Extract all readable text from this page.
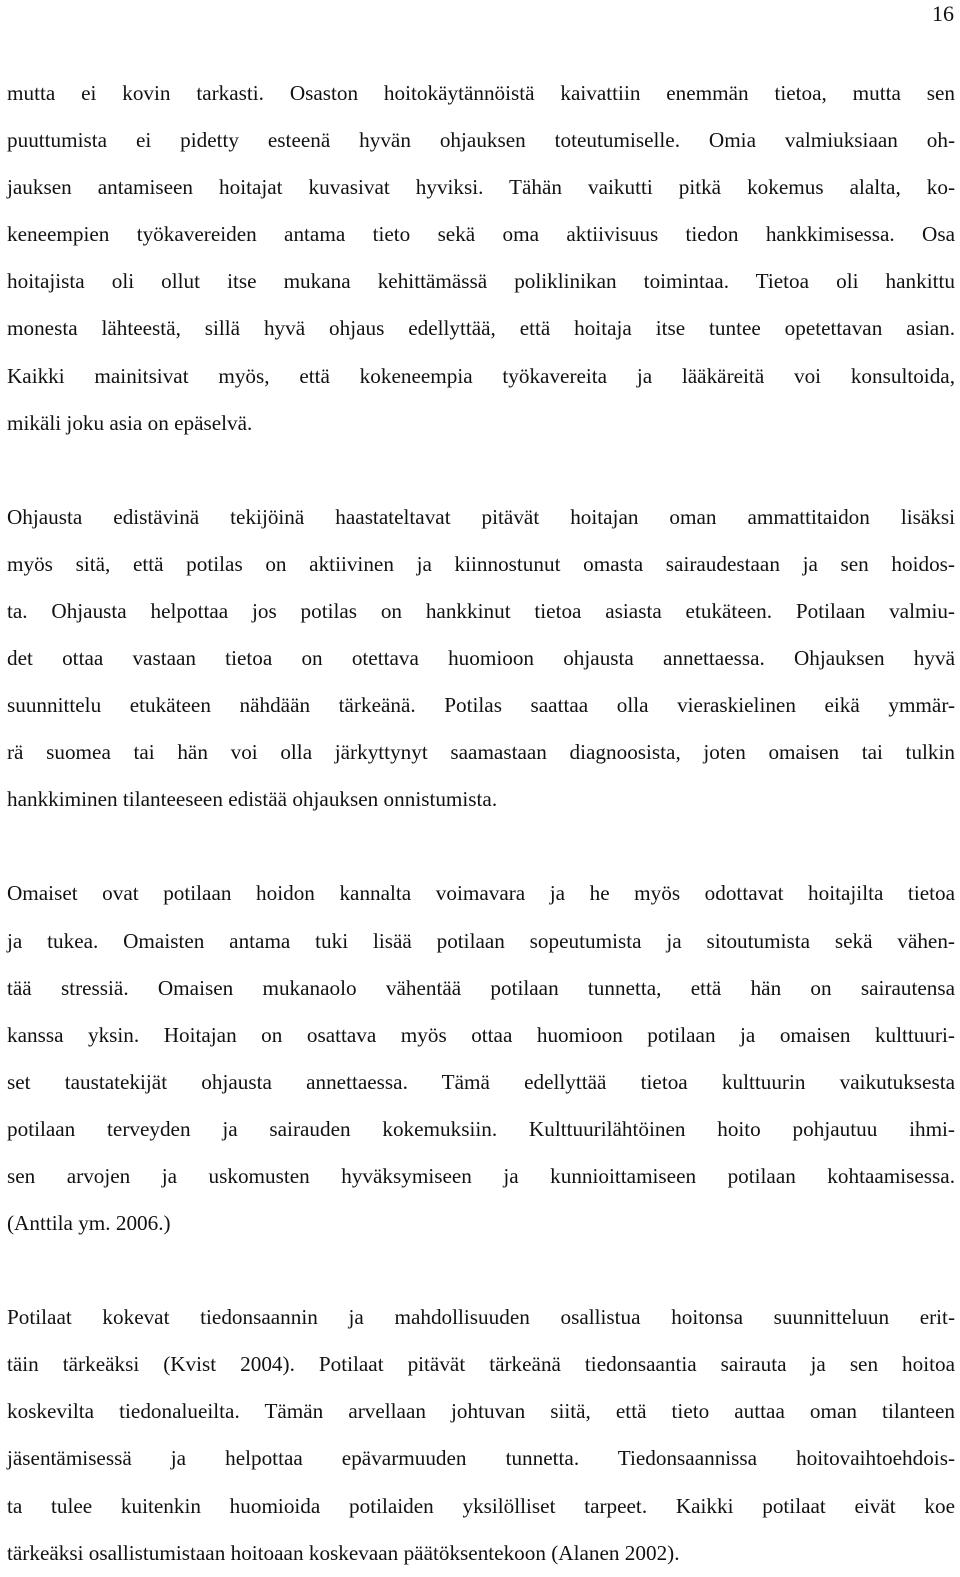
16
mutta ei kovin tarkasti. Osaston hoitokäytännöistä kaivattiin enemmän tietoa, mutta sen
puuttumista ei pidetty esteenä hyvän ohjauksen toteutumiselle. Omia valmiuksiaan oh-
jauksen antamiseen hoitajat kuvasivat hyviksi. Tähän vaikutti pitkä kokemus alalta, ko-
keneempien työkavereiden antama tieto sekä oma aktiivisuus tiedon hankkimisessa. Osa
hoitajista oli ollut itse mukana kehittämässä poliklinikan toimintaa. Tietoa oli hankittu
monesta lähteestä, sillä hyvä ohjaus edellyttää, että hoitaja itse tuntee opetettavan asian.
Kaikki mainitsivat myös, että kokeneempia työkavereita ja lääkäreitä voi konsultoida,
mikäli joku asia on epäselvä.
Ohjausta edistävinä tekijöinä haastateltavat pitävät hoitajan oman ammattitaidon lisäksi
myös sitä, että potilas on aktiivinen ja kiinnostunut omasta sairaudestaan ja sen hoidos-
ta. Ohjausta helpottaa jos potilas on hankkinut tietoa asiasta etukäteen. Potilaan valmiu-
det ottaa vastaan tietoa on otettava huomioon ohjausta annettaessa. Ohjauksen hyvä
suunnittelu etukäteen nähdään tärkeänä. Potilas saattaa olla vieraskielinen eikä ymmär-
rä suomea tai hän voi olla järkyttynyt saamastaan diagnoosista, joten omaisen tai tulkin
hankkiminen tilanteeseen edistää ohjauksen onnistumista.
Omaiset ovat potilaan hoidon kannalta voimavara ja he myös odottavat hoitajilta tietoa
ja tukea. Omaisten antama tuki lisää potilaan sopeutumista ja sitoutumista sekä vähen-
tää stressiä. Omaisen mukanaolo vähentää potilaan tunnetta, että hän on sairautensa
kanssa yksin. Hoitajan on osattava myös ottaa huomioon potilaan ja omaisen kulttuuri-
set taustatekijät ohjausta annettaessa. Tämä edellyttää tietoa kulttuurin vaikutuksesta
potilaan terveyden ja sairauden kokemuksiin. Kulttuurilähtöinen hoito pohjautuu ihmi-
sen arvojen ja uskomusten hyväksymiseen ja kunnioittamiseen potilaan kohtaamisessa.
(Anttila ym. 2006.)
Potilaat kokevat tiedonsaannin ja mahdollisuuden osallistua hoitonsa suunnitteluun erit-
täin tärkeäksi (Kvist 2004). Potilaat pitävät tärkeänä tiedonsaantia sairauta ja sen hoitoa
koskevilta tiedonalueilta. Tämän arvellaan johtuvan siitä, että tieto auttaa oman tilanteen
jäsentämisessä ja helpottaa epävarmuuden tunnetta. Tiedonsaannissa hoitovaihtoehdois-
ta tulee kuitenkin huomioida potilaiden yksilölliset tarpeet. Kaikki potilaat eivät koe
tärkeäksi osallistumistaan hoitoaan koskevaan päätöksentekoon (Alanen 2002).
